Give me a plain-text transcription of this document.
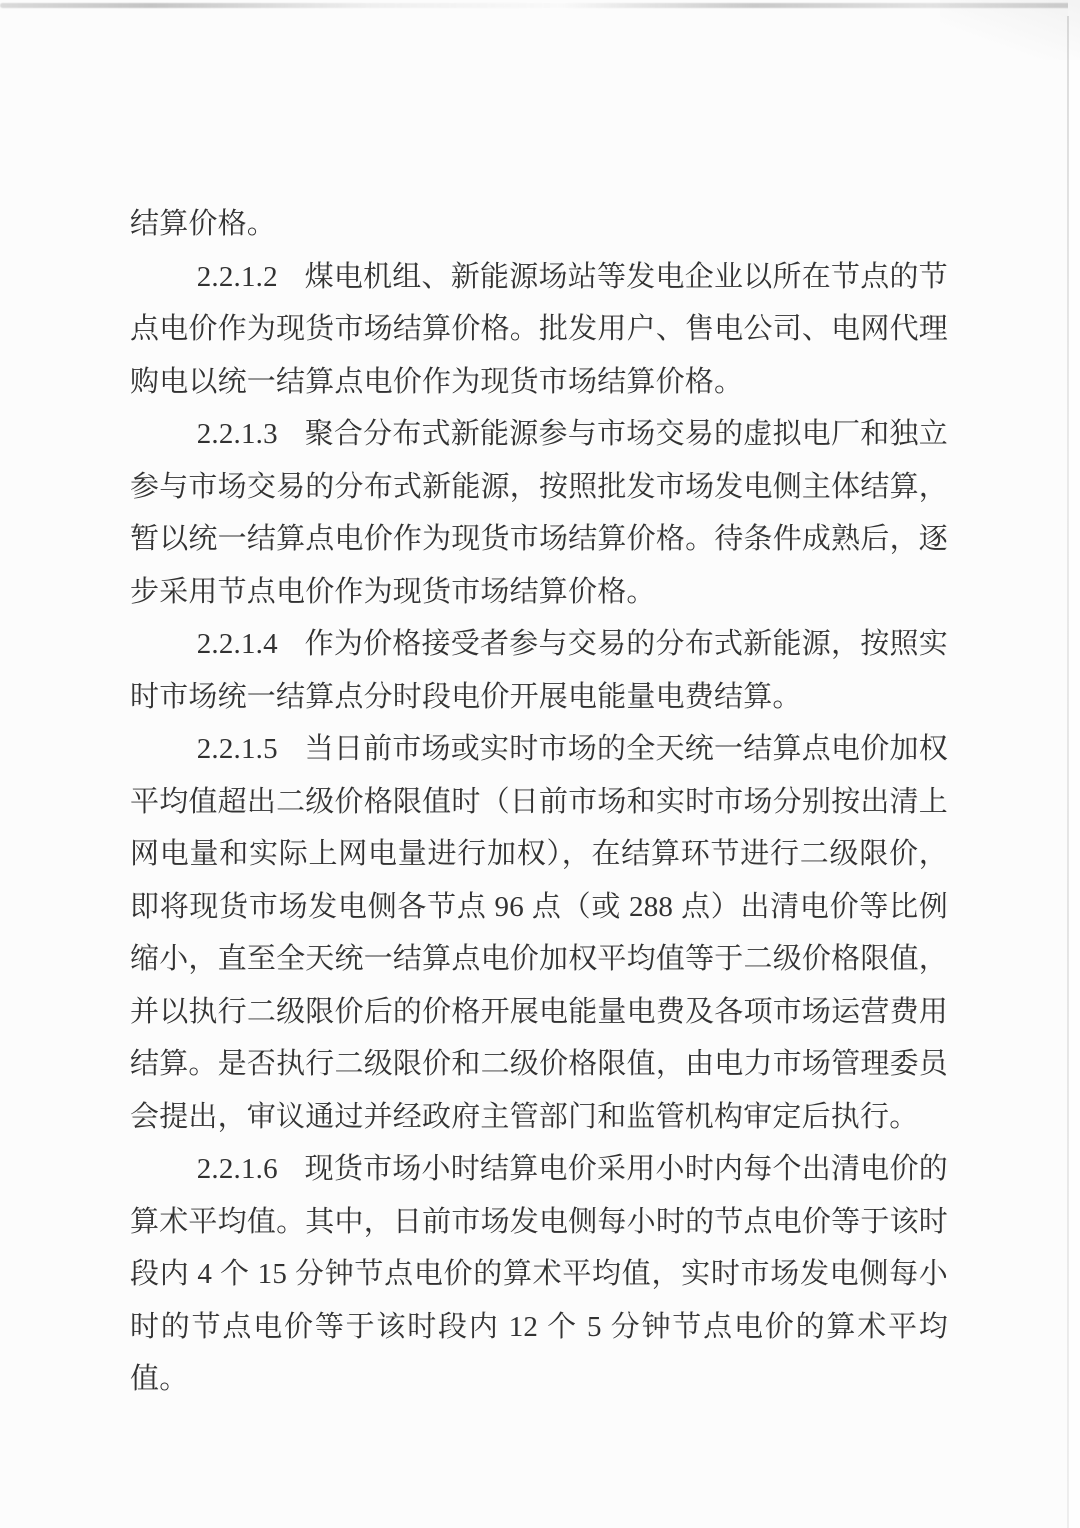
结算价格。

2.2.1.2 煤电机组、新能源场站等发电企业以所在节点的节点电价作为现货市场结算价格。批发用户、售电公司、电网代理购电以统一结算点电价作为现货市场结算价格。

2.2.1.3 聚合分布式新能源参与市场交易的虚拟电厂和独立参与市场交易的分布式新能源，按照批发市场发电侧主体结算，暂以统一结算点电价作为现货市场结算价格。待条件成熟后，逐步采用节点电价作为现货市场结算价格。

2.2.1.4 作为价格接受者参与交易的分布式新能源，按照实时市场统一结算点分时段电价开展电能量电费结算。

2.2.1.5 当日前市场或实时市场的全天统一结算点电价加权平均值超出二级价格限值时（日前市场和实时市场分别按出清上网电量和实际上网电量进行加权），在结算环节进行二级限价，即将现货市场发电侧各节点 96 点（或 288 点）出清电价等比例缩小，直至全天统一结算点电价加权平均值等于二级价格限值，并以执行二级限价后的价格开展电能量电费及各项市场运营费用结算。是否执行二级限价和二级价格限值，由电力市场管理委员会提出，审议通过并经政府主管部门和监管机构审定后执行。

2.2.1.6 现货市场小时结算电价采用小时内每个出清电价的算术平均值。其中，日前市场发电侧每小时的节点电价等于该时段内 4 个 15 分钟节点电价的算术平均值，实时市场发电侧每小时的节点电价等于该时段内 12 个 5 分钟节点电价的算术平均值。
